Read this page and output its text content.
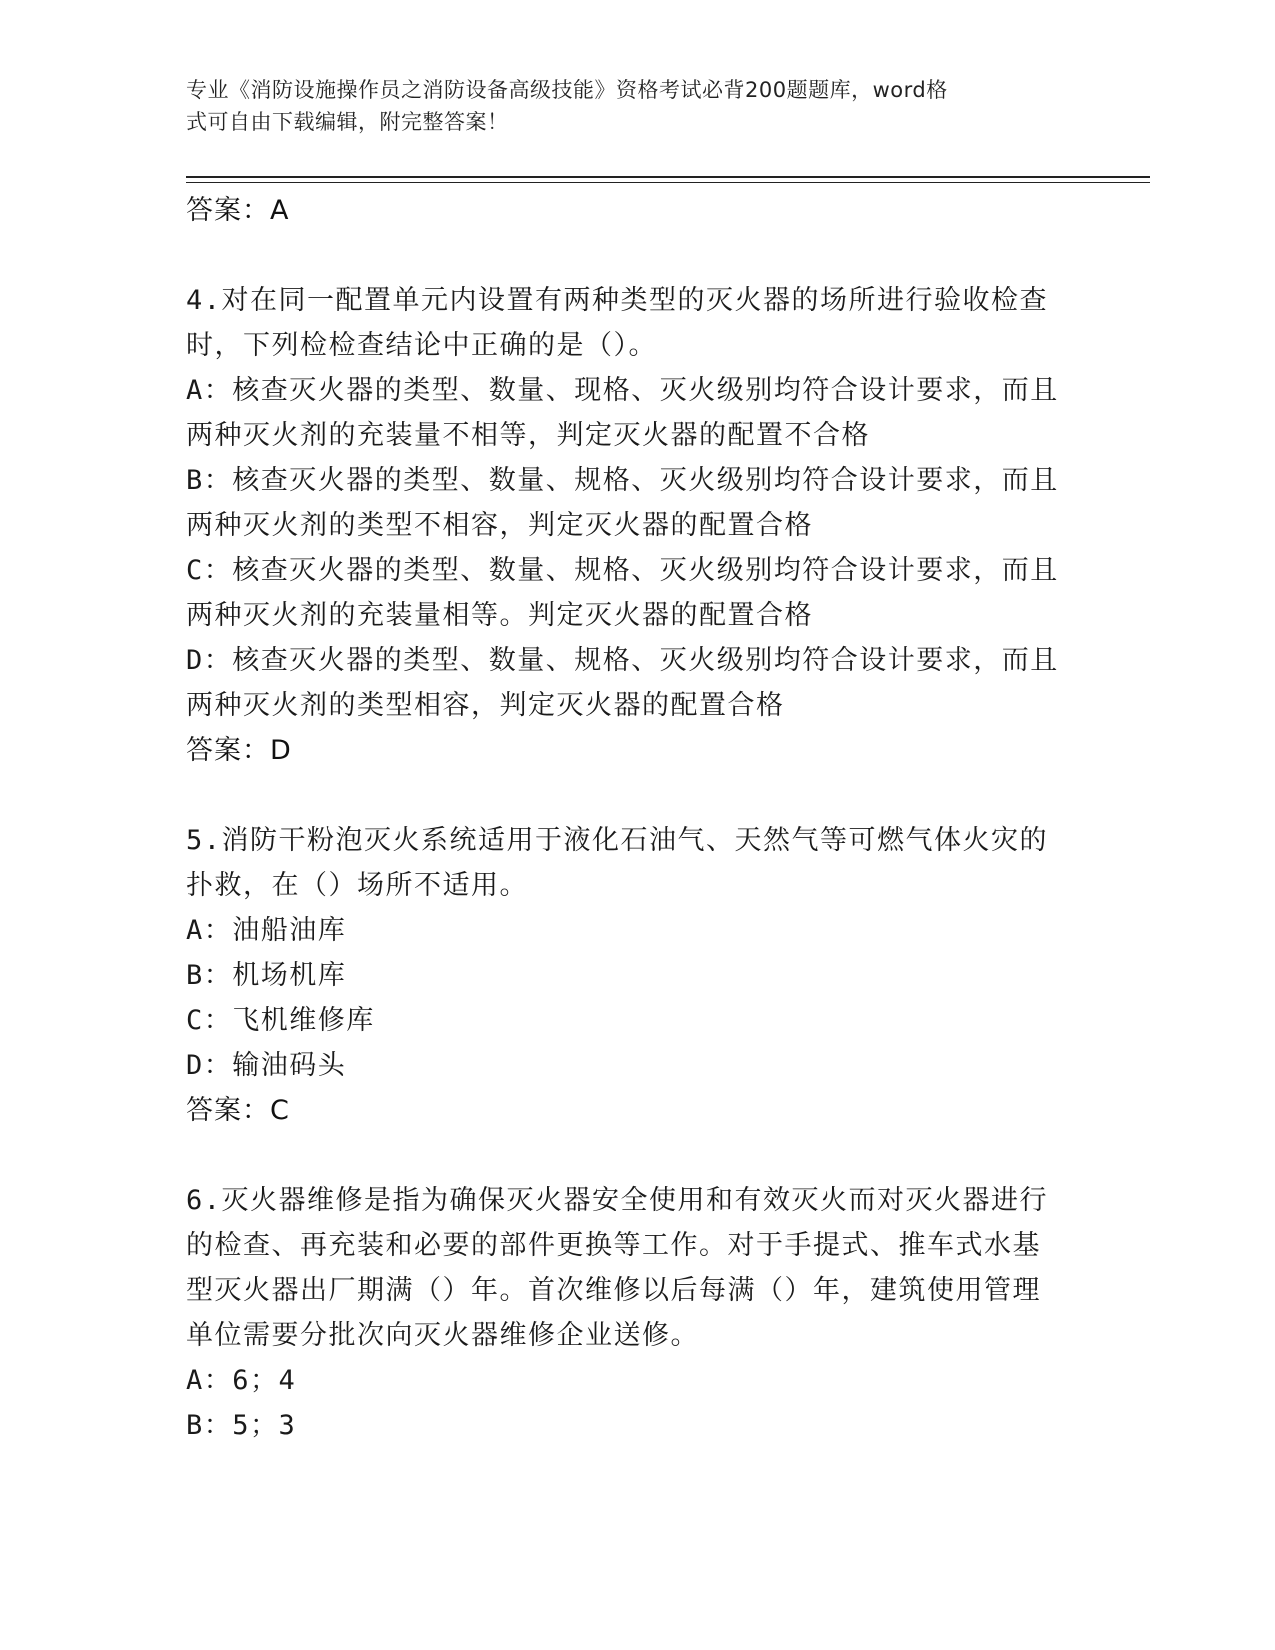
专业《消防设施操作员之消防设备高级技能》资格考试必背200题题库，word格
式可自由下载编辑，附完整答案！
答案：A
4.对在同一配置单元内设置有两种类型的灭火器的场所进行验收检查
时，下列检检查结论中正确的是（）。
A：核查灭火器的类型、数量、现格、灭火级别均符合设计要求，而且
两种灭火剂的充装量不相等，判定灭火器的配置不合格
B：核查灭火器的类型、数量、规格、灭火级别均符合设计要求，而且
两种灭火剂的类型不相容，判定灭火器的配置合格
C：核查灭火器的类型、数量、规格、灭火级别均符合设计要求，而且
两种灭火剂的充装量相等。判定灭火器的配置合格
D：核查灭火器的类型、数量、规格、灭火级别均符合设计要求，而且
两种灭火剂的类型相容，判定灭火器的配置合格
答案：D
5.消防干粉泡灭火系统适用于液化石油气、天然气等可燃气体火灾的
扑救，在（）场所不适用。
A：油船油库
B：机场机库
C：飞机维修库
D：输油码头
答案：C
6.灭火器维修是指为确保灭火器安全使用和有效灭火而对灭火器进行
的检查、再充装和必要的部件更换等工作。对于手提式、推车式水基
型灭火器出厂期满（）年。首次维修以后每满（）年，建筑使用管理
单位需要分批次向灭火器维修企业送修。
A：6；4
B：5；3
